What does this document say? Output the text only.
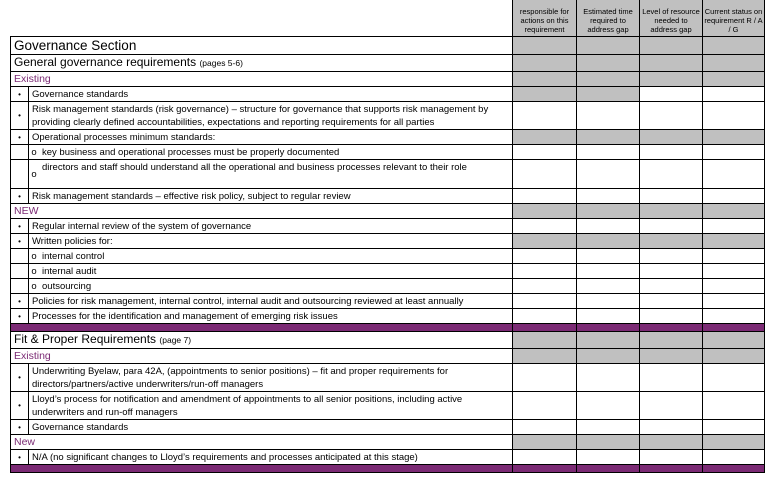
	responsible for actions on this requirement	Estimated time required to address gap	Level of resource needed to address gap	Current status on requirement R / A / G
Governance Section				
General governance requirements (pages 5-6)				
Existing				

•	Governance standards

•	Risk management standards (risk governance) – structure for governance that supports risk management by providing clearly defined accountabilities, expectations and reporting requirements for all parties

•	Operational processes minimum standards:

	o	key business and operational processes must be properly documented

	o	directors and staff should understand all the operational and business processes relevant to their role

•	Risk management standards – effective risk policy, subject to regular review

NEW				

•	Regular internal review of the system of governance

•	Written policies for:

	o	internal control

	o	internal audit

	o	outsourcing

•	Policies for risk management, internal control, internal audit and outsourcing reviewed at least annually

•	Processes for the identification and management of emerging risk issues

Fit & Proper Requirements (page 7)				
Existing				

•	Underwriting Byelaw, para 42A, (appointments to senior positions) – fit and proper requirements for directors/partners/active underwriters/run-off managers

•	Lloyd’s process for notification and amendment of appointments to all senior positions, including active underwriters and run-off managers

•	Governance standards

New				

•	N/A (no significant changes to Lloyd’s requirements and processes anticipated at this stage)
